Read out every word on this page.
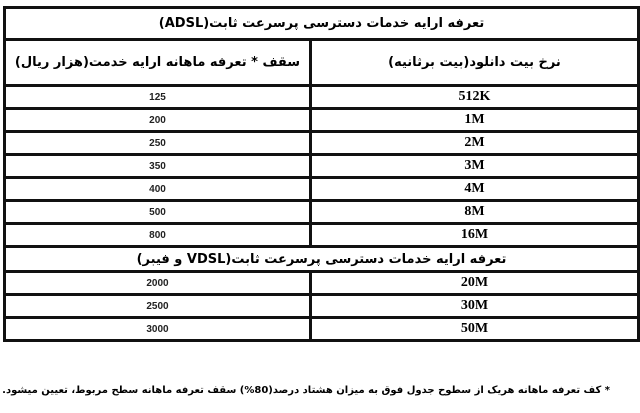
تعرفه ارایه خدمات دسترسی پرسرعت ثابت(ADSL)	
نرخ بیت دانلود(بیت برثانیه)	سقف * تعرفه ماهانه ارایه خدمت(هزار ریال)
512K	125
1M	200
2M	250
3M	350
4M	400
8M	500
16M	800
تعرفه ارایه خدمات دسترسی پرسرعت ثابت(VDSL و فیبر)	
20M	2000
30M	2500
50M	3000
* کف تعرفه ماهانه هریک از سطوح جدول فوق به میزان هشتاد درصد(80%) سقف تعرفه ماهانه سطح مربوط، تعیین میشود.
